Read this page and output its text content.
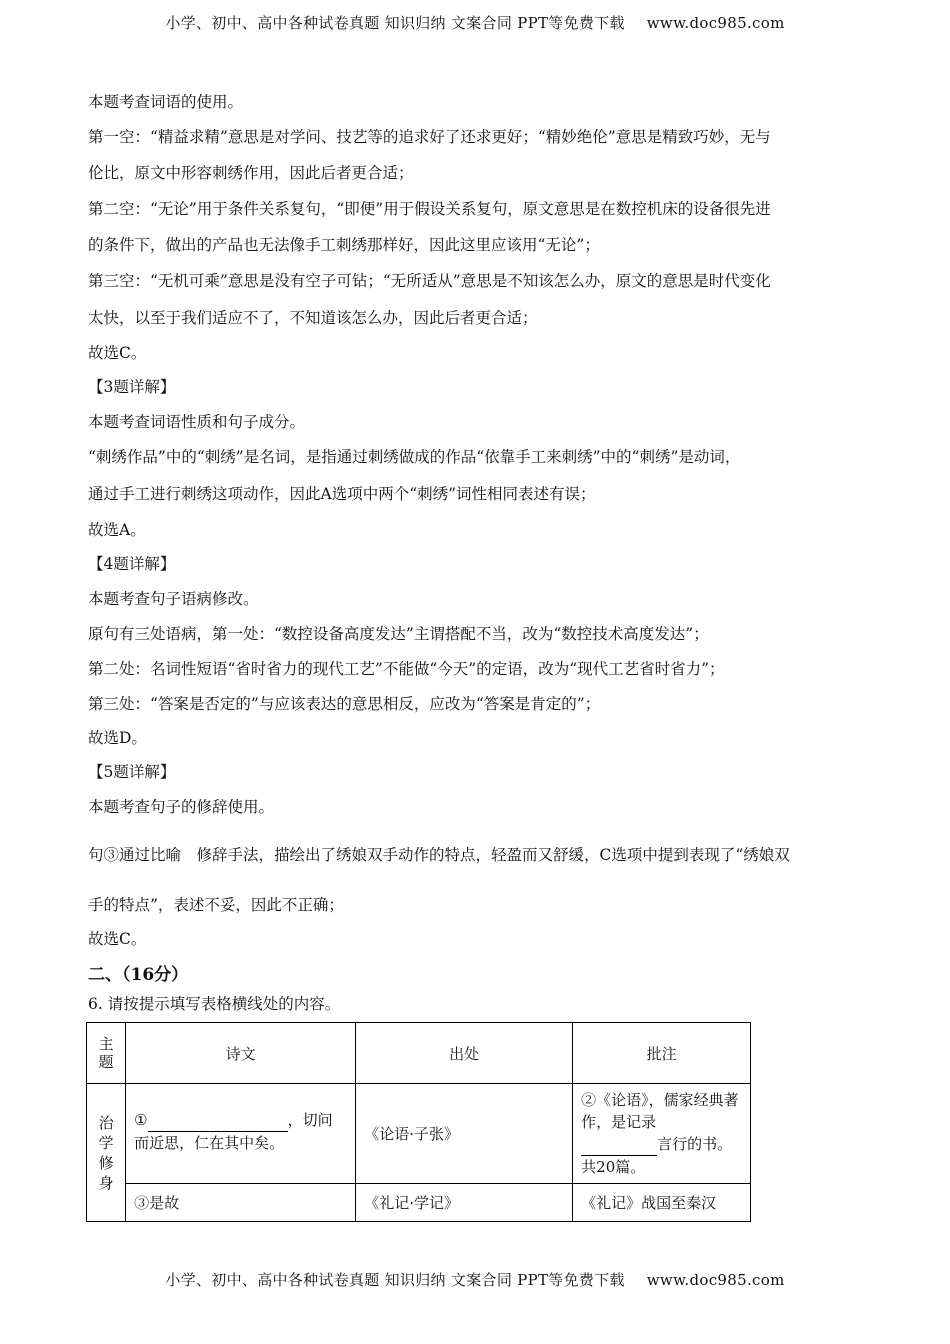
小学、初中、高中各种试卷真题 知识归纳 文案合同 PPT等免费下载 www.doc985.com
本题考查词语的使用。
第一空：“精益求精”意思是对学问、技艺等的追求好了还求更好；“精妙绝伦”意思是精致巧妙，无与
伦比，原文中形容刺绣作用，因此后者更合适；
第二空：“无论”用于条件关系复句，“即便”用于假设关系复句，原文意思是在数控机床的设备很先进
的条件下，做出的产品也无法像手工刺绣那样好，因此这里应该用“无论”；
第三空：“无机可乘”意思是没有空子可钻；“无所适从”意思是不知该怎么办，原文的意思是时代变化
太快，以至于我们适应不了，不知道该怎么办，因此后者更合适；
故选C。
【3题详解】
本题考查词语性质和句子成分。
“刺绣作品”中的“刺绣”是名词，是指通过刺绣做成的作品“依靠手工来刺绣”中的“刺绣”是动词，
通过手工进行刺绣这项动作，因此A选项中两个“刺绣”词性相同表述有误；
故选A。
【4题详解】
本题考查句子语病修改。
原句有三处语病，第一处：“数控设备高度发达”主谓搭配不当，改为“数控技术高度发达”；
第二处：名词性短语“省时省力的现代工艺”不能做“今天”的定语，改为“现代工艺省时省力”；
第三处：“答案是否定的”与应该表达的意思相反，应改为“答案是肯定的”；
故选D。
【5题详解】
本题考查句子的修辞使用。
句③通过比喻　修辞手法，描绘出了绣娘双手动作的特点，轻盈而又舒缓，C选项中提到表现了“绣娘双
手的特点”，表述不妥，因此不正确；
故选C。
二、（16分）
6. 请按提示填写表格横线处的内容。
主题	诗文	出处	批注

治
学
修
身	① ，切问而近思，仁在其中矣。	《论语·子张》	②《论语》，儒家经典著作，是记录
言行的书。共20篇。
	③是故	《礼记·学记》	《礼记》战国至秦汉
小学、初中、高中各种试卷真题 知识归纳 文案合同 PPT等免费下载 www.doc985.com
